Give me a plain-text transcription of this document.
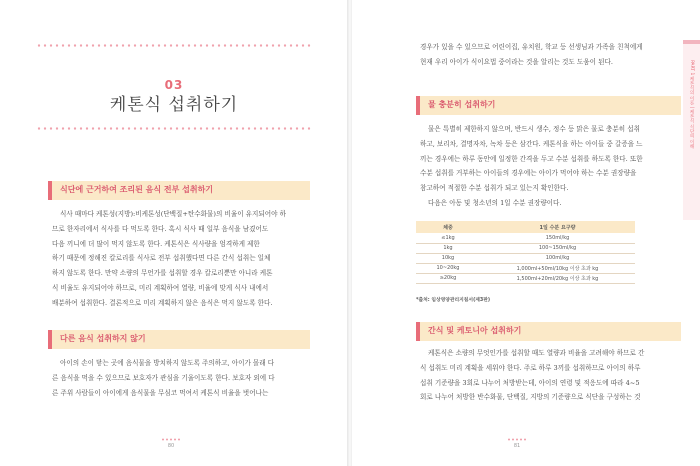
03
케톤식 섭취하기
식단에 근거하여 조리된 음식 전부 섭취하기
식사 때마다 케톤성(지방):비케톤성(단백질+탄수화물)의 비율이 유지되어야 하
므로 한자리에서 식사를 다 먹도록 한다. 혹시 식사 때 일부 음식을 남겼어도
다음 끼니에 더 많이 먹지 않도록 한다. 케톤식은 식사량을 엄격하게 제한
하기 때문에 정해진 칼로리를 식사로 전부 섭취했다면 다른 간식 섭취는 일체
하지 않도록 한다. 만약 소량의 무언가를 섭취할 경우 칼로리뿐만 아니라 케톤
식 비율도 유지되어야 하므로, 미리 계획하여 열량, 비율에 맞게 식사 내에서
배분하여 섭취한다. 결론적으로 미리 계획하지 않은 음식은 먹지 않도록 한다.
다른 음식 섭취하지 않기
아이의 손이 닿는 곳에 음식물을 방치하지 않도록 주의하고, 아이가 몰래 다
른 음식을 먹을 수 있으므로 보호자가 관심을 기울이도록 한다. 보호자 외에 다
른 주위 사람들이 아이에게 음식물을 무심코 먹여서 케톤식 비율을 벗어나는
80
경우가 있을 수 있으므로 어린이집, 유치원, 학교 등 선생님과 가족을 친척에게
현재 우리 아이가 식이요법 중이라는 것을 알리는 것도 도움이 된다.
물 충분히 섭취하기
물은 특별히 제한하지 않으며, 반드시 생수, 정수 등 맑은 물로 충분히 섭취
하고, 보리차, 결명자차, 녹차 등은 삼간다. 케톤식을 하는 아이들 중 갈증을 느
끼는 경우에는 하루 동안에 일정한 간격을 두고 수분 섭취를 하도록 한다. 또한
수분 섭취를 거부하는 아이들의 경우에는 아이가 먹어야 하는 수분 권장량을
참고하여 적절한 수분 섭취가 되고 있는지 확인한다.
다음은 아동 및 청소년의 1일 수분 권장량이다.
간식 및 케토니아 섭취하기
케톤식은 소량의 무엇인가를 섭취할 때도 열량과 비율을 고려해야 하므로 간
식 섭취도 미리 계획을 세워야 한다. 주로 하루 3끼를 섭취하므로 아이의 하루
섭취 기준량을 3회로 나누어 처방받는데, 아이의 연령 및 적응도에 따라 4~5
회로 나누어 처방한 반수화물, 단백질, 지방의 기준량으로 식단을 구성하는 것
81
체중	1일 수분 요구량
≤1kg	150ml/kg
1kg	100~150ml/kg
10kg	100ml/kg
10~20kg	1,000ml+50ml/10kg 이상 초과 kg
≥20kg	1,500ml+20ml/20kg 이상 초과 kg
*출처: 임상영양관리지침서(제3판)
PART 1 케톤식의 이론 | 케톤식 식단의 이해
